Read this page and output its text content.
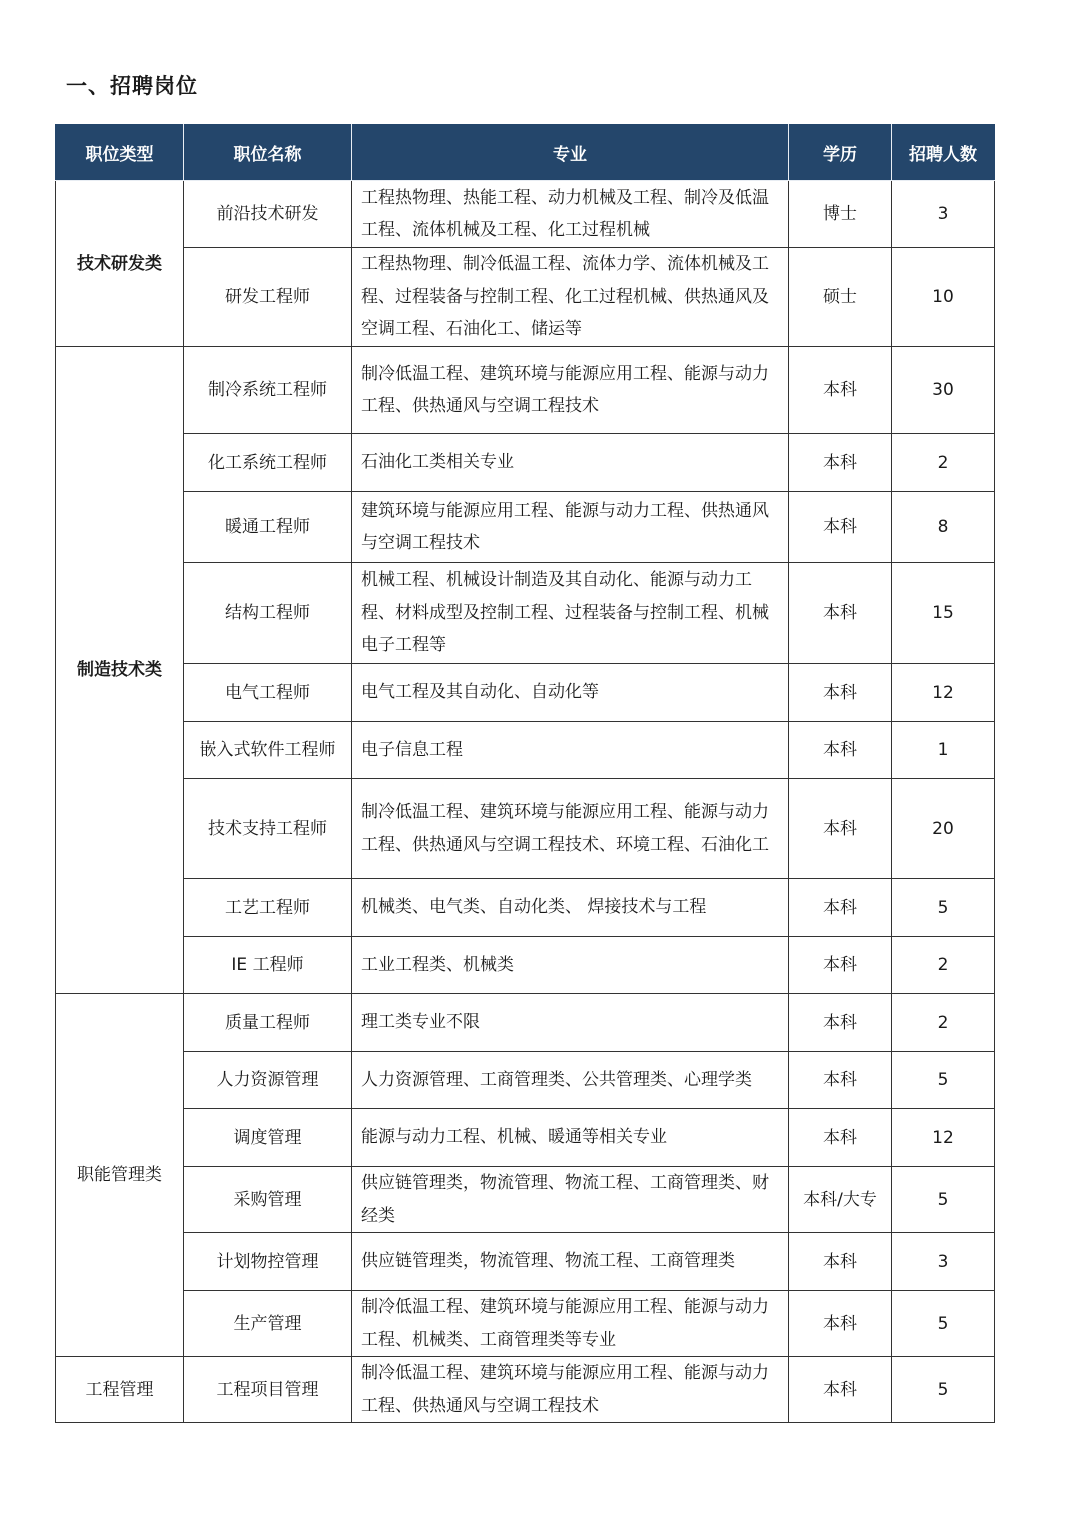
一、招聘岗位
职位类型	职位名称	专业	学历	招聘人数
技术研发类	前沿技术研发	工程热物理、热能工程、动力机械及工程、制冷及低温工程、流体机械及工程、化工过程机械	博士	3
	研发工程师	工程热物理、制冷低温工程、流体力学、流体机械及工程、过程装备与控制工程、化工过程机械、供热通风及空调工程、石油化工、储运等	硕士	10
制造技术类	制冷系统工程师	制冷低温工程、建筑环境与能源应用工程、能源与动力工程、供热通风与空调工程技术	本科	30
	化工系统工程师	石油化工类相关专业	本科	2
	暖通工程师	建筑环境与能源应用工程、能源与动力工程、供热通风与空调工程技术	本科	8
	结构工程师	机械工程、机械设计制造及其自动化、能源与动力工程、材料成型及控制工程、过程装备与控制工程、机械电子工程等	本科	15
	电气工程师	电气工程及其自动化、自动化等	本科	12
	嵌入式软件工程师	电子信息工程	本科	1
	技术支持工程师	制冷低温工程、建筑环境与能源应用工程、能源与动力工程、供热通风与空调工程技术、环境工程、石油化工	本科	20
	工艺工程师	机械类、电气类、自动化类、 焊接技术与工程	本科	5
	IE 工程师	工业工程类、机械类	本科	2
职能管理类	质量工程师	理工类专业不限	本科	2
	人力资源管理	人力资源管理、工商管理类、公共管理类、心理学类	本科	5
	调度管理	能源与动力工程、机械、暖通等相关专业	本科	12
	采购管理	供应链管理类，物流管理、物流工程、工商管理类、财经类	本科/大专	5
	计划物控管理	供应链管理类，物流管理、物流工程、工商管理类	本科	3
	生产管理	制冷低温工程、建筑环境与能源应用工程、能源与动力工程、机械类、工商管理类等专业	本科	5
工程管理	工程项目管理	制冷低温工程、建筑环境与能源应用工程、能源与动力工程、供热通风与空调工程技术	本科	5
